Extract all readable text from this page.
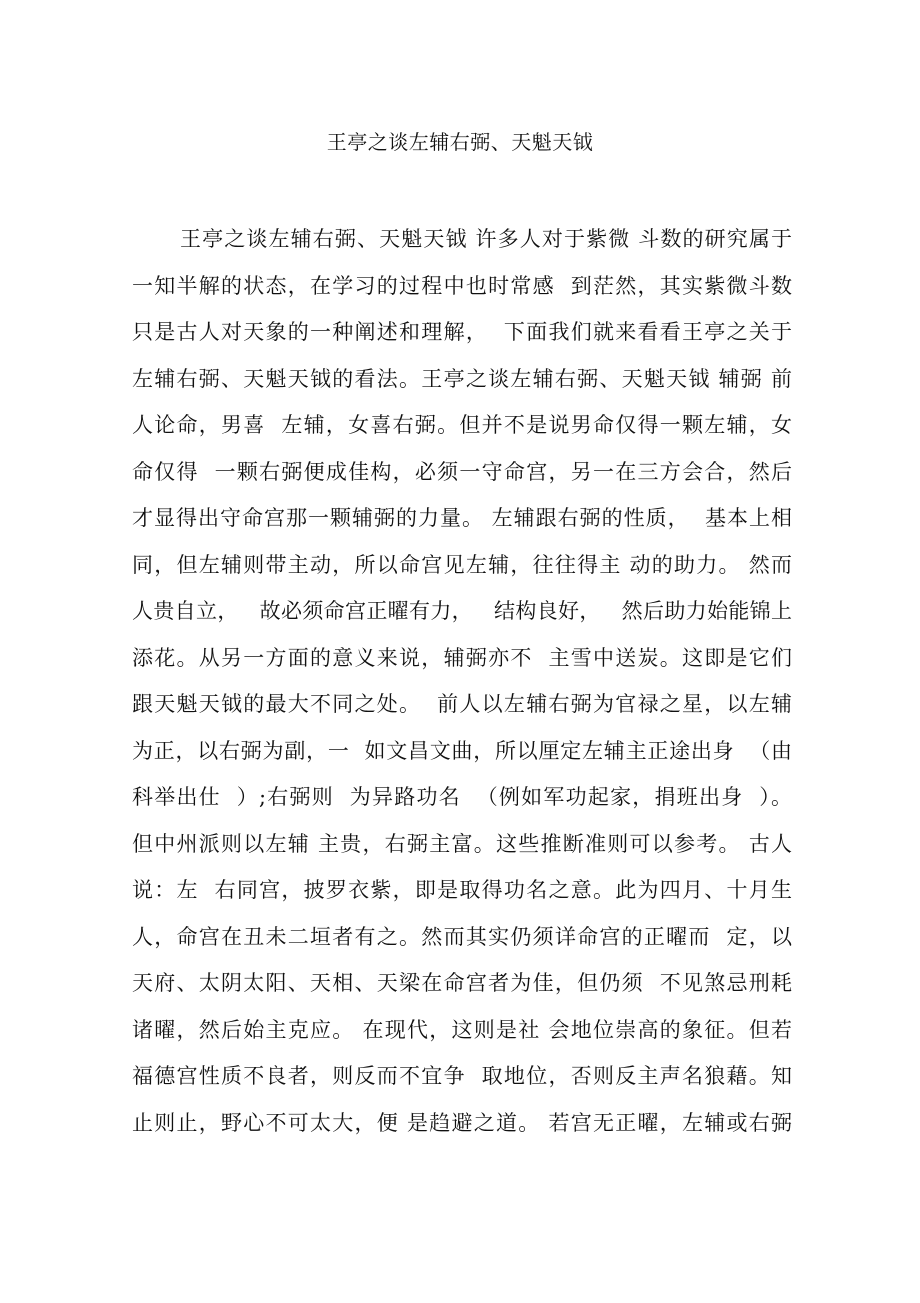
王亭之谈左辅右弼、天魁天钺
王亭之谈左辅右弼、天魁天钺 许多人对于紫微 斗数的研究属于
一知半解的状态，在学习的过程中也时常感  到茫然，其实紫微斗数
只是古人对天象的一种阐述和理解，  下面我们就来看看王亭之关于
左辅右弼、天魁天钺的看法。王亭之谈左辅右弼、天魁天钺 辅弼 前
人论命，男喜  左辅，女喜右弼。但并不是说男命仅得一颗左辅，女
命仅得  一颗右弼便成佳构，必须一守命宫，另一在三方会合，然后
才显得出守命宫那一颗辅弼的力量。 左辅跟右弼的性质，  基本上相
同，但左辅则带主动，所以命宫见左辅，往往得主 动的助力。 然而
人贵自立，   故必须命宫正曜有力，   结构良好，   然后助力始能锦上
添花。从另一方面的意义来说，辅弼亦不  主雪中送炭。这即是它们
跟天魁天钺的最大不同之处。  前人以左辅右弼为官禄之星，以左辅
为正，以右弼为副，一  如文昌文曲，所以厘定左辅主正途出身  （由
科举出仕  ）;右弼则  为异路功名  （例如军功起家，捐班出身  ）。
但中州派则以左辅 主贵，右弼主富。这些推断准则可以参考。 古人
说：左  右同宫，披罗衣紫，即是取得功名之意。此为四月、十月生
人，命宫在丑未二垣者有之。然而其实仍须详命宫的正曜而  定，以
天府、太阴太阳、天相、天梁在命宫者为佳，但仍须  不见煞忌刑耗
诸曜，然后始主克应。 在现代，这则是社 会地位崇高的象征。但若
福德宫性质不良者，则反而不宜争  取地位，否则反主声名狼藉。知
止则止，野心不可太大，便 是趋避之道。 若宫无正曜，左辅或右弼
